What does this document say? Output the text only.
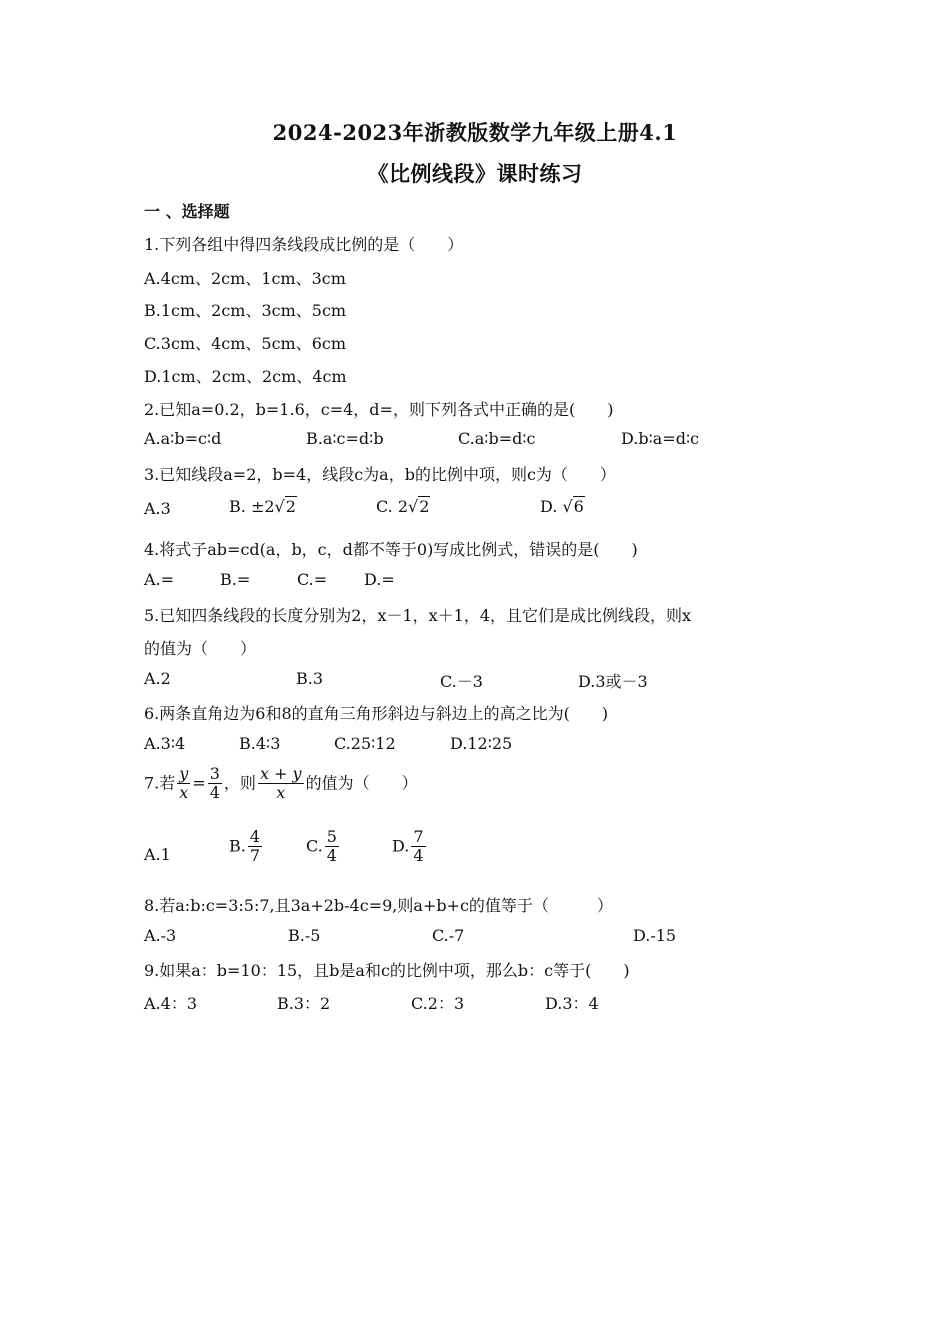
2024-2023年浙教版数学九年级上册4.1
《比例线段》课时练习
一 、选择题
1.下列各组中得四条线段成比例的是（　　）
A.4cm、2cm、1cm、3cm
B.1cm、2cm、3cm、5cm
C.3cm、4cm、5cm、6cm
D.1cm、2cm、2cm、4cm
2.已知a=0.2，b=1.6，c=4，d=，则下列各式中正确的是(　　)
A.a∶b=c∶d	B.a∶c=d∶b	C.a∶b=d∶c	D.b∶a=d∶c
3.已知线段a=2，b=4，线段c为a，b的比例中项，则c为（　　）
A.3	B. ±2√2	C. 2√2	D. √6
4.将式子ab=cd(a，b，c，d都不等于0)写成比例式，错误的是(　　)
A.=	B.=	C.= D.=
5.已知四条线段的长度分别为2，x－1，x＋1，4，且它们是成比例线段，则x
的值为（　　）
A.2	B.3	C.－3	D.3或－3
6.两条直角边为6和8的直角三角形斜边与斜边上的高之比为(　　)
A.3∶4	B.4∶3	C.25∶12	D.12∶25
7.若 $\frac{y}{x} = \frac{3}{4}$ ，则 $\frac{x + y}{x}$ 的值为（　　）
A.1	B. $\frac{4}{7}$	C. $\frac{5}{4}$	D. $\frac{7}{4}$
8.若a:b:c=3:5:7,且3a+2b-4c=9,则a+b+c的值等于（　　　）
A.-3	B.-5	C.-7	D.-15
9.如果a：b=10：15，且b是a和c的比例中项，那么b：c等于(　　)
A.4：3	B.3：2	C.2：3	D.3：4
